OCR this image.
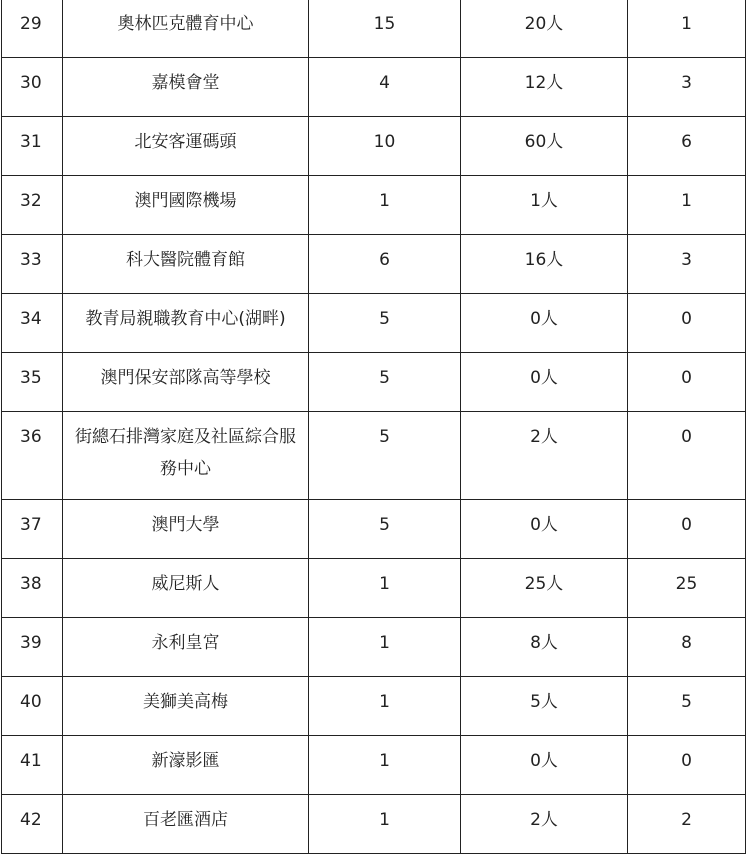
29	奧林匹克體育中心	15	20人	1
30	嘉模會堂	4	12人	3
31	北安客運碼頭	10	60人	6
32	澳門國際機場	1	1人	1
33	科大醫院體育館	6	16人	3
34	教青局親職教育中心(湖畔)	5	0人	0
35	澳門保安部隊高等學校	5	0人	0
36	街總石排灣家庭及社區綜合服務中心	5	2人	0
37	澳門大學	5	0人	0
38	威尼斯人	1	25人	25
39	永利皇宮	1	8人	8
40	美獅美高梅	1	5人	5
41	新濠影匯	1	0人	0
42	百老匯酒店	1	2人	2
